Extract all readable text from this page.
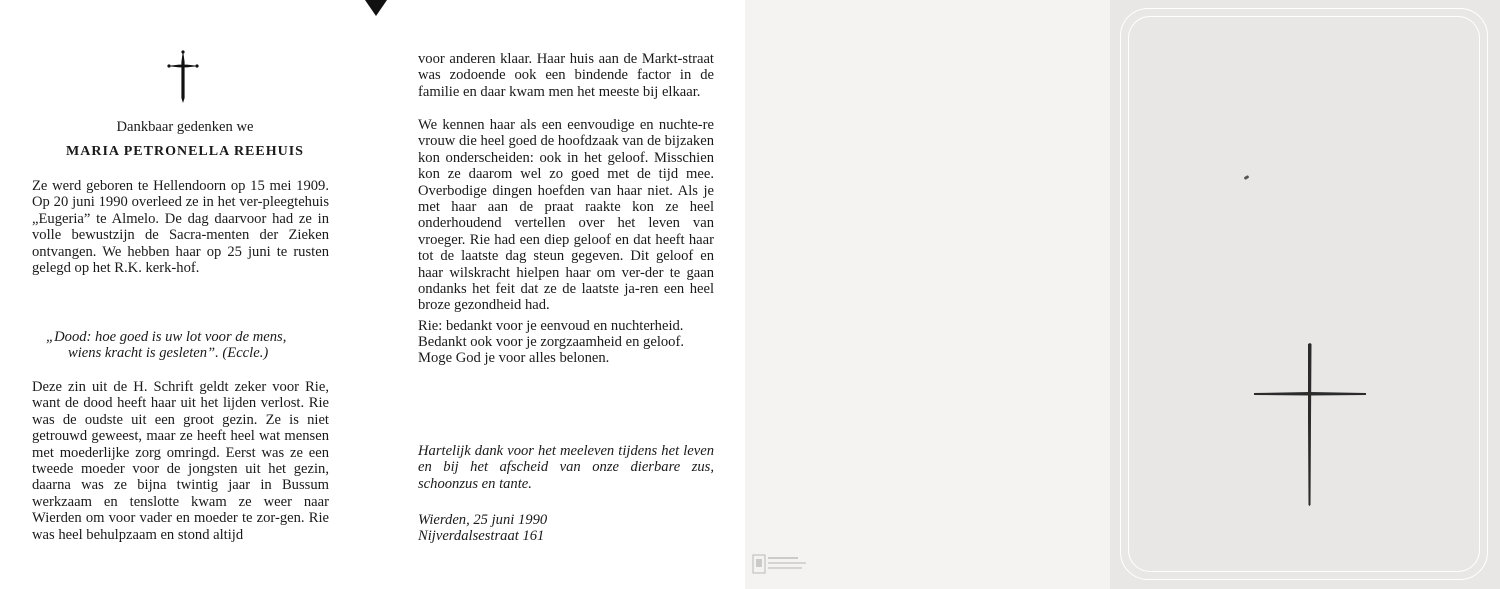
Dankbaar gedenken we
MARIA PETRONELLA REEHUIS
Ze werd geboren te Hellendoorn op 15 mei 1909. Op 20 juni 1990 overleed ze in het ver-pleegtehuis „Eugeria” te Almelo. De dag daarvoor had ze in volle bewustzijn de Sacra-menten der Zieken ontvangen. We hebben haar op 25 juni te rusten gelegd op het R.K. kerk-hof.
„Dood: hoe goed is uw lot voor de mens,
wiens kracht is gesleten”. (Eccle.)
Deze zin uit de H. Schrift geldt zeker voor Rie, want de dood heeft haar uit het lijden verlost. Rie was de oudste uit een groot gezin. Ze is niet getrouwd geweest, maar ze heeft heel wat mensen met moederlijke zorg omringd. Eerst was ze een tweede moeder voor de jongsten uit het gezin, daarna was ze bijna twintig jaar in Bussum werkzaam en tenslotte kwam ze weer naar Wierden om voor vader en moeder te zor-gen. Rie was heel behulpzaam en stond altijd
voor anderen klaar. Haar huis aan de Markt-straat was zodoende ook een bindende factor in de familie en daar kwam men het meeste bij elkaar.
We kennen haar als een eenvoudige en nuchte-re vrouw die heel goed de hoofdzaak van de bijzaken kon onderscheiden: ook in het geloof. Misschien kon ze daarom wel zo goed met de tijd mee. Overbodige dingen hoefden van haar niet. Als je met haar aan de praat raakte kon ze heel onderhoudend vertellen over het leven van vroeger. Rie had een diep geloof en dat heeft haar tot de laatste dag steun gegeven. Dit geloof en haar wilskracht hielpen haar om ver-der te gaan ondanks het feit dat ze de laatste ja-ren een heel broze gezondheid had.
Rie: bedankt voor je eenvoud en nuchterheid.
Bedankt ook voor je zorgzaamheid en geloof.
Moge God je voor alles belonen.
Hartelijk dank voor het meeleven tijdens het leven en bij het afscheid van onze dierbare zus, schoonzus en tante.
Wierden, 25 juni 1990
Nijverdalsestraat 161
